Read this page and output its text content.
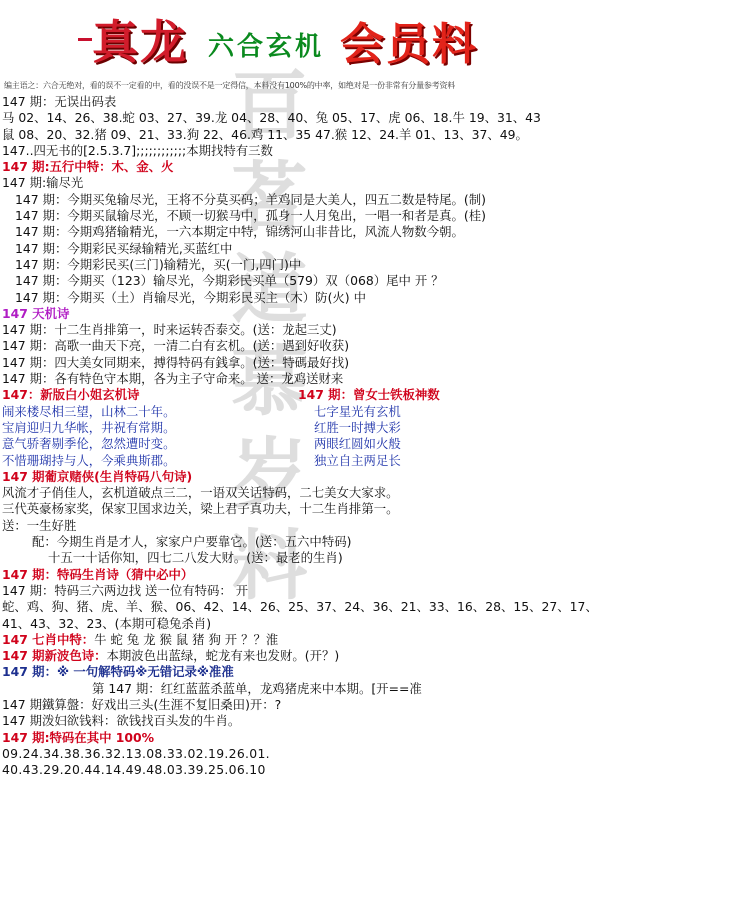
真龙 六合玄机 会员料
编主语之：六合无绝对，看的误不一定看的中，看的没误不是一定得信，本料没有100%的中率，如绝对是一份非常有分量参考资料
百
茗
道
慕
岁
料
147 期：无误出码表
马 02、14、26、38.蛇 03、27、39.龙 04、28、40、兔 05、17、虎 06、18.牛 19、31、43
鼠 08、20、32.猪 09、21、33.狗 22、46.鸡 11、35 47.猴 12、24.羊 01、13、37、49。
147..四无书的[2.5.3.7];;;;;;;;;;;;本期找特有三数
147 期:五行中特：木、金、火
147 期:输尽光
147 期：今期买兔输尽光，王将不分莫买码；羊鸡同是大美人，四五二数是特尾。(制)
147 期：今期买鼠输尽光，不顾一切猴马中，孤身一人月兔出，一唱一和者是真。(桂)
147 期：今期鸡猪输精光，一六本期定中特，锦绣河山非昔比，风流人物数今朝。
147 期：今期彩民买绿输精光,买蓝红中
147 期：今期彩民买(三门)输精光，买(一门,四门)中
147 期：今期买（123）输尽光，今期彩民买单（579）双（068）尾中 开 ？
147 期：今期买（土）肖输尽光，今期彩民买主（木）防(火) 中
147 天机诗
147 期：十二生肖排第一，时来运转否泰交。(送：龙起三丈)
147 期：高歌一曲天下亮，一清二白有玄机。(送：遇到好收获)
147 期：四大美女同期来，搏得特码有銭拿。(送：特碼最好找)
147 期：各有特色守本期，各为主子守命来。 送：龙鸡送财来
147：新版白小姐玄机诗	147 期：曾女士铁板神数
闹来楼尽相三望，山林二十年。	七字星光有玄机
宝肩迎归九华帐，井祝有常期。	红胜一时搏大彩
意气骄奢剔季伦，忽然遭时变。	两眼红圆如火般
不惜珊瑚持与人，今乘典斯郡。	独立自主两足长
147 期葡京赌侠(生肖特码八句诗)
风流才子俏佳人，玄机道破点三二，一语双关话特码，二七美女大家求。
三代英豪杨家奖，保家卫国求边关，梁上君子真功夫，十二生肖排第一。
送：一生好胜
配：今期生肖是才人，家家户户要靠它。(送：五六中特码)
十五一十话你知，四七二八发大财。(送：最老的生肖)
147 期：特码生肖诗（猜中必中）
147 期：特码三六两边找 送一位有特码： 开
蛇、鸡、狗、猪、虎、羊、猴、06、42、14、26、25、37、24、36、21、33、16、28、15、27、17、
41、43、32、23、(本期可稳兔杀肖)
147 七肖中特：牛 蛇 兔 龙 猴 鼠 猪 狗 开 ？？淮
147 期新波色诗：本期波色出蓝绿，蛇龙有来也发财。(开？)
147 期：※ 一句解特码※无错记录※准准
第 147 期：红红蓝蓝杀蓝单，龙鸡猪虎来中本期。[开==准
147 期鐵算盤：好戏出三头(生涯不复旧桑田)开：?
147 期泼妇欲钱料：欲钱找百头发的牛肖。
147 期:特码在其中 100%
09.24.34.38.36.32.13.08.33.02.19.26.01.
40.43.29.20.44.14.49.48.03.39.25.06.10
